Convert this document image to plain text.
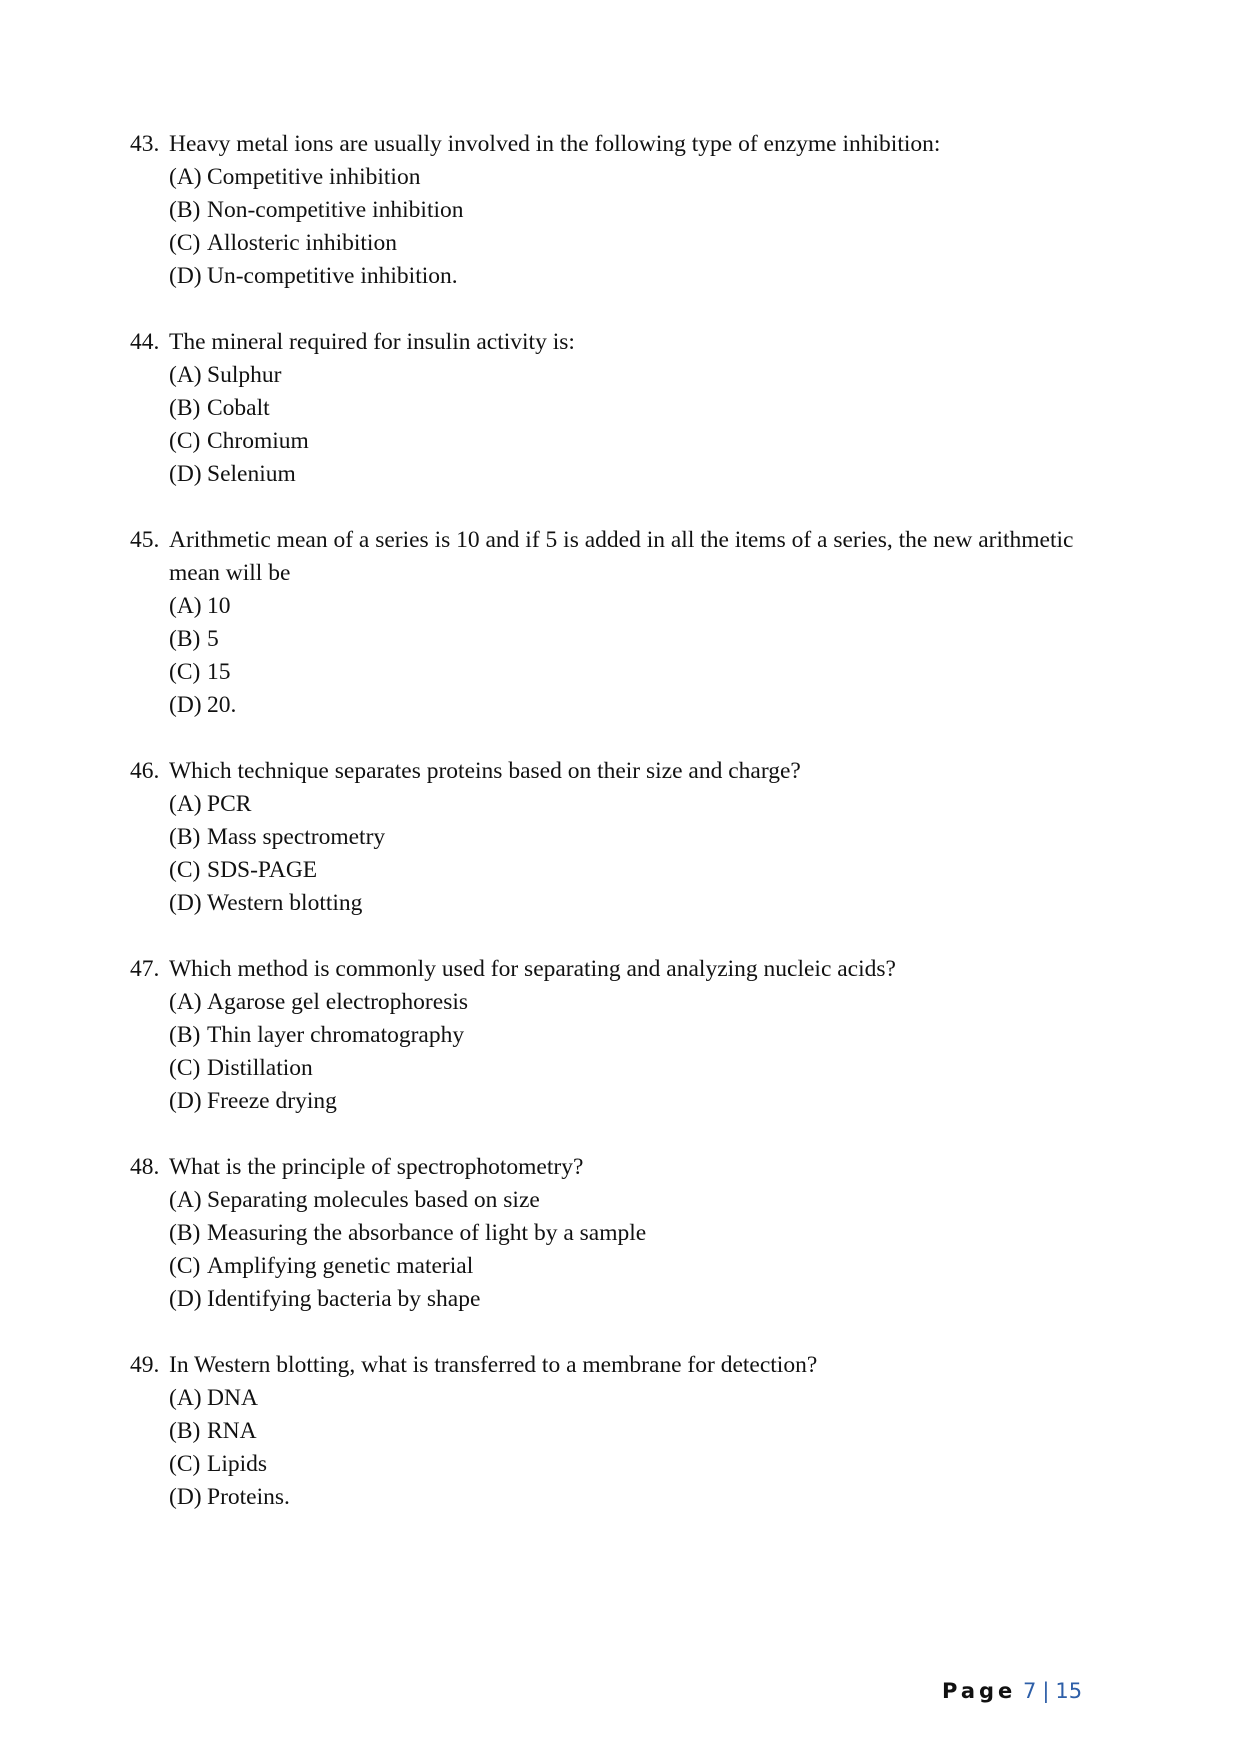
43. Heavy metal ions are usually involved in the following type of enzyme inhibition:
(A) Competitive inhibition
(B) Non-competitive inhibition
(C) Allosteric inhibition
(D) Un-competitive inhibition.
44. The mineral required for insulin activity is:
(A) Sulphur
(B) Cobalt
(C) Chromium
(D) Selenium
45. Arithmetic mean of a series is 10 and if 5 is added in all the items of a series, the new arithmetic mean will be
(A) 10
(B) 5
(C) 15
(D) 20.
46. Which technique separates proteins based on their size and charge?
(A) PCR
(B) Mass spectrometry
(C) SDS-PAGE
(D) Western blotting
47. Which method is commonly used for separating and analyzing nucleic acids?
(A) Agarose gel electrophoresis
(B) Thin layer chromatography
(C) Distillation
(D) Freeze drying
48. What is the principle of spectrophotometry?
(A) Separating molecules based on size
(B) Measuring the absorbance of light by a sample
(C) Amplifying genetic material
(D) Identifying bacteria by shape
49. In Western blotting, what is transferred to a membrane for detection?
(A) DNA
(B) RNA
(C) Lipids
(D) Proteins.
Page 7 | 15
